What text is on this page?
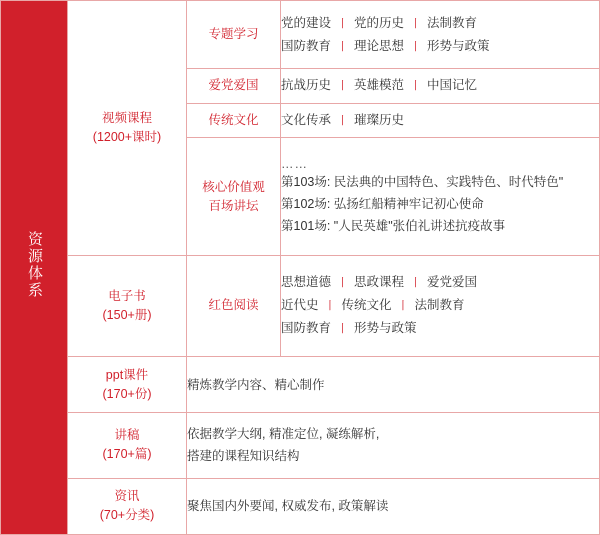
资源体系	视频课程
(1200+课时)	专题学习	党的建设 丨 党的历史 丨 法制教育
国防教育 丨 理论思想 丨 形势与政策

		爱党爱国	抗战历史 丨 英雄模范 丨 中国记忆

		传统文化	文化传承 丨 璀璨历史

		核心价值观
百场讲坛	……
第103场: 民法典的中国特色、实践特色、时代特色"
第102场: 弘扬红船精神牢记初心使命
第101场: "人民英雄"张伯礼讲述抗疫故事

	电子书
(150+册)	红色阅读	思想道德 丨 思政课程 丨 爱党爱国
近代史 丨 传统文化 丨 法制教育
国防教育 丨 形势与政策

	ppt课件
(170+份)	精炼教学内容、精心制作	

	讲稿
(170+篇)	依据教学大纲, 精准定位, 凝练解析,
搭建的课程知识结构	

	资讯
(70+分类)	聚焦国内外要闻, 权威发布, 政策解读	
